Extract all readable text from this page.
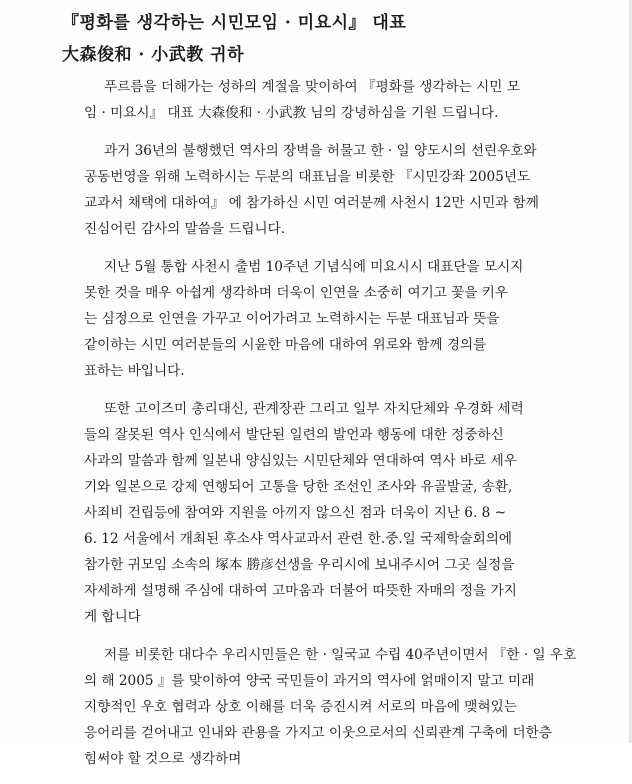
『평화를 생각하는 시민모임 · 미요시』 대표
大森俊和 · 小武教 귀하

푸르름을 더해가는 성하의 계절을 맞이하여 『평화를 생각하는 시민 모
임 · 미요시』 대표 大森俊和 · 小武教 님의 강녕하심을 기원 드립니다.

과거 36년의 불행했던 역사의 장벽을 허물고 한 · 일 양도시의 선린우호와
공동번영을 위해 노력하시는 두분의 대표님을 비롯한 『시민강좌 2005년도
교과서 채택에 대하여』 에 참가하신 시민 여러분께 사천시 12만 시민과 함께
진심어린 감사의 말씀을 드립니다.

지난 5월 통합 사천시 출범 10주년 기념식에 미요시시 대표단을 모시지
못한 것을 매우 아쉽게 생각하며 더욱이 인연을 소중히 여기고 꽃을 키우
는 심정으로 인연을 가꾸고 이어가려고 노력하시는 두분 대표님과 뜻을
같이하는 시민 여러분들의 시윤한 마음에 대하여 위로와 함께 경의를
표하는 바입니다.

또한 고이즈미 총리대신, 관계장관 그리고 일부 자치단체와 우경화 세력
들의 잘못된 역사 인식에서 발단된 일련의 발언과 행동에 대한 정중하신
사과의 말씀과 함께 일본내 양심있는 시민단체와 연대하여 역사 바로 세우
기와 일본으로 강제 연행되어 고통을 당한 조선인 조사와 유골발굴, 송환,
사죄비 건립등에 참여와 지원을 아끼지 않으신 점과 더욱이 지난 6. 8 ~
6. 12 서울에서 개최된 후소샤 역사교과서 관련 한.중.일 국제학술회의에
참가한 귀모임 소속의 塚本 勝彦선생을 우리시에 보내주시어 그곳 실정을
자세하게 설명해 주심에 대하여 고마움과 더불어 따뜻한 자매의 정을 가지
게 합니다

저를 비롯한 대다수 우리시민들은 한 · 일국교 수립 40주년이면서 『한 · 일 우호
의 해 2005 』를 맞이하여 양국 국민들이 과거의 역사에 얽매이지 말고 미래
지향적인 우호 협력과 상호 이해를 더욱 증진시켜 서로의 마음에 맺혀있는
응어리를 걷어내고 인내와 관용을 가지고 이웃으로서의 신뢰관계 구축에 더한층
힘써야 할 것으로 생각하며
